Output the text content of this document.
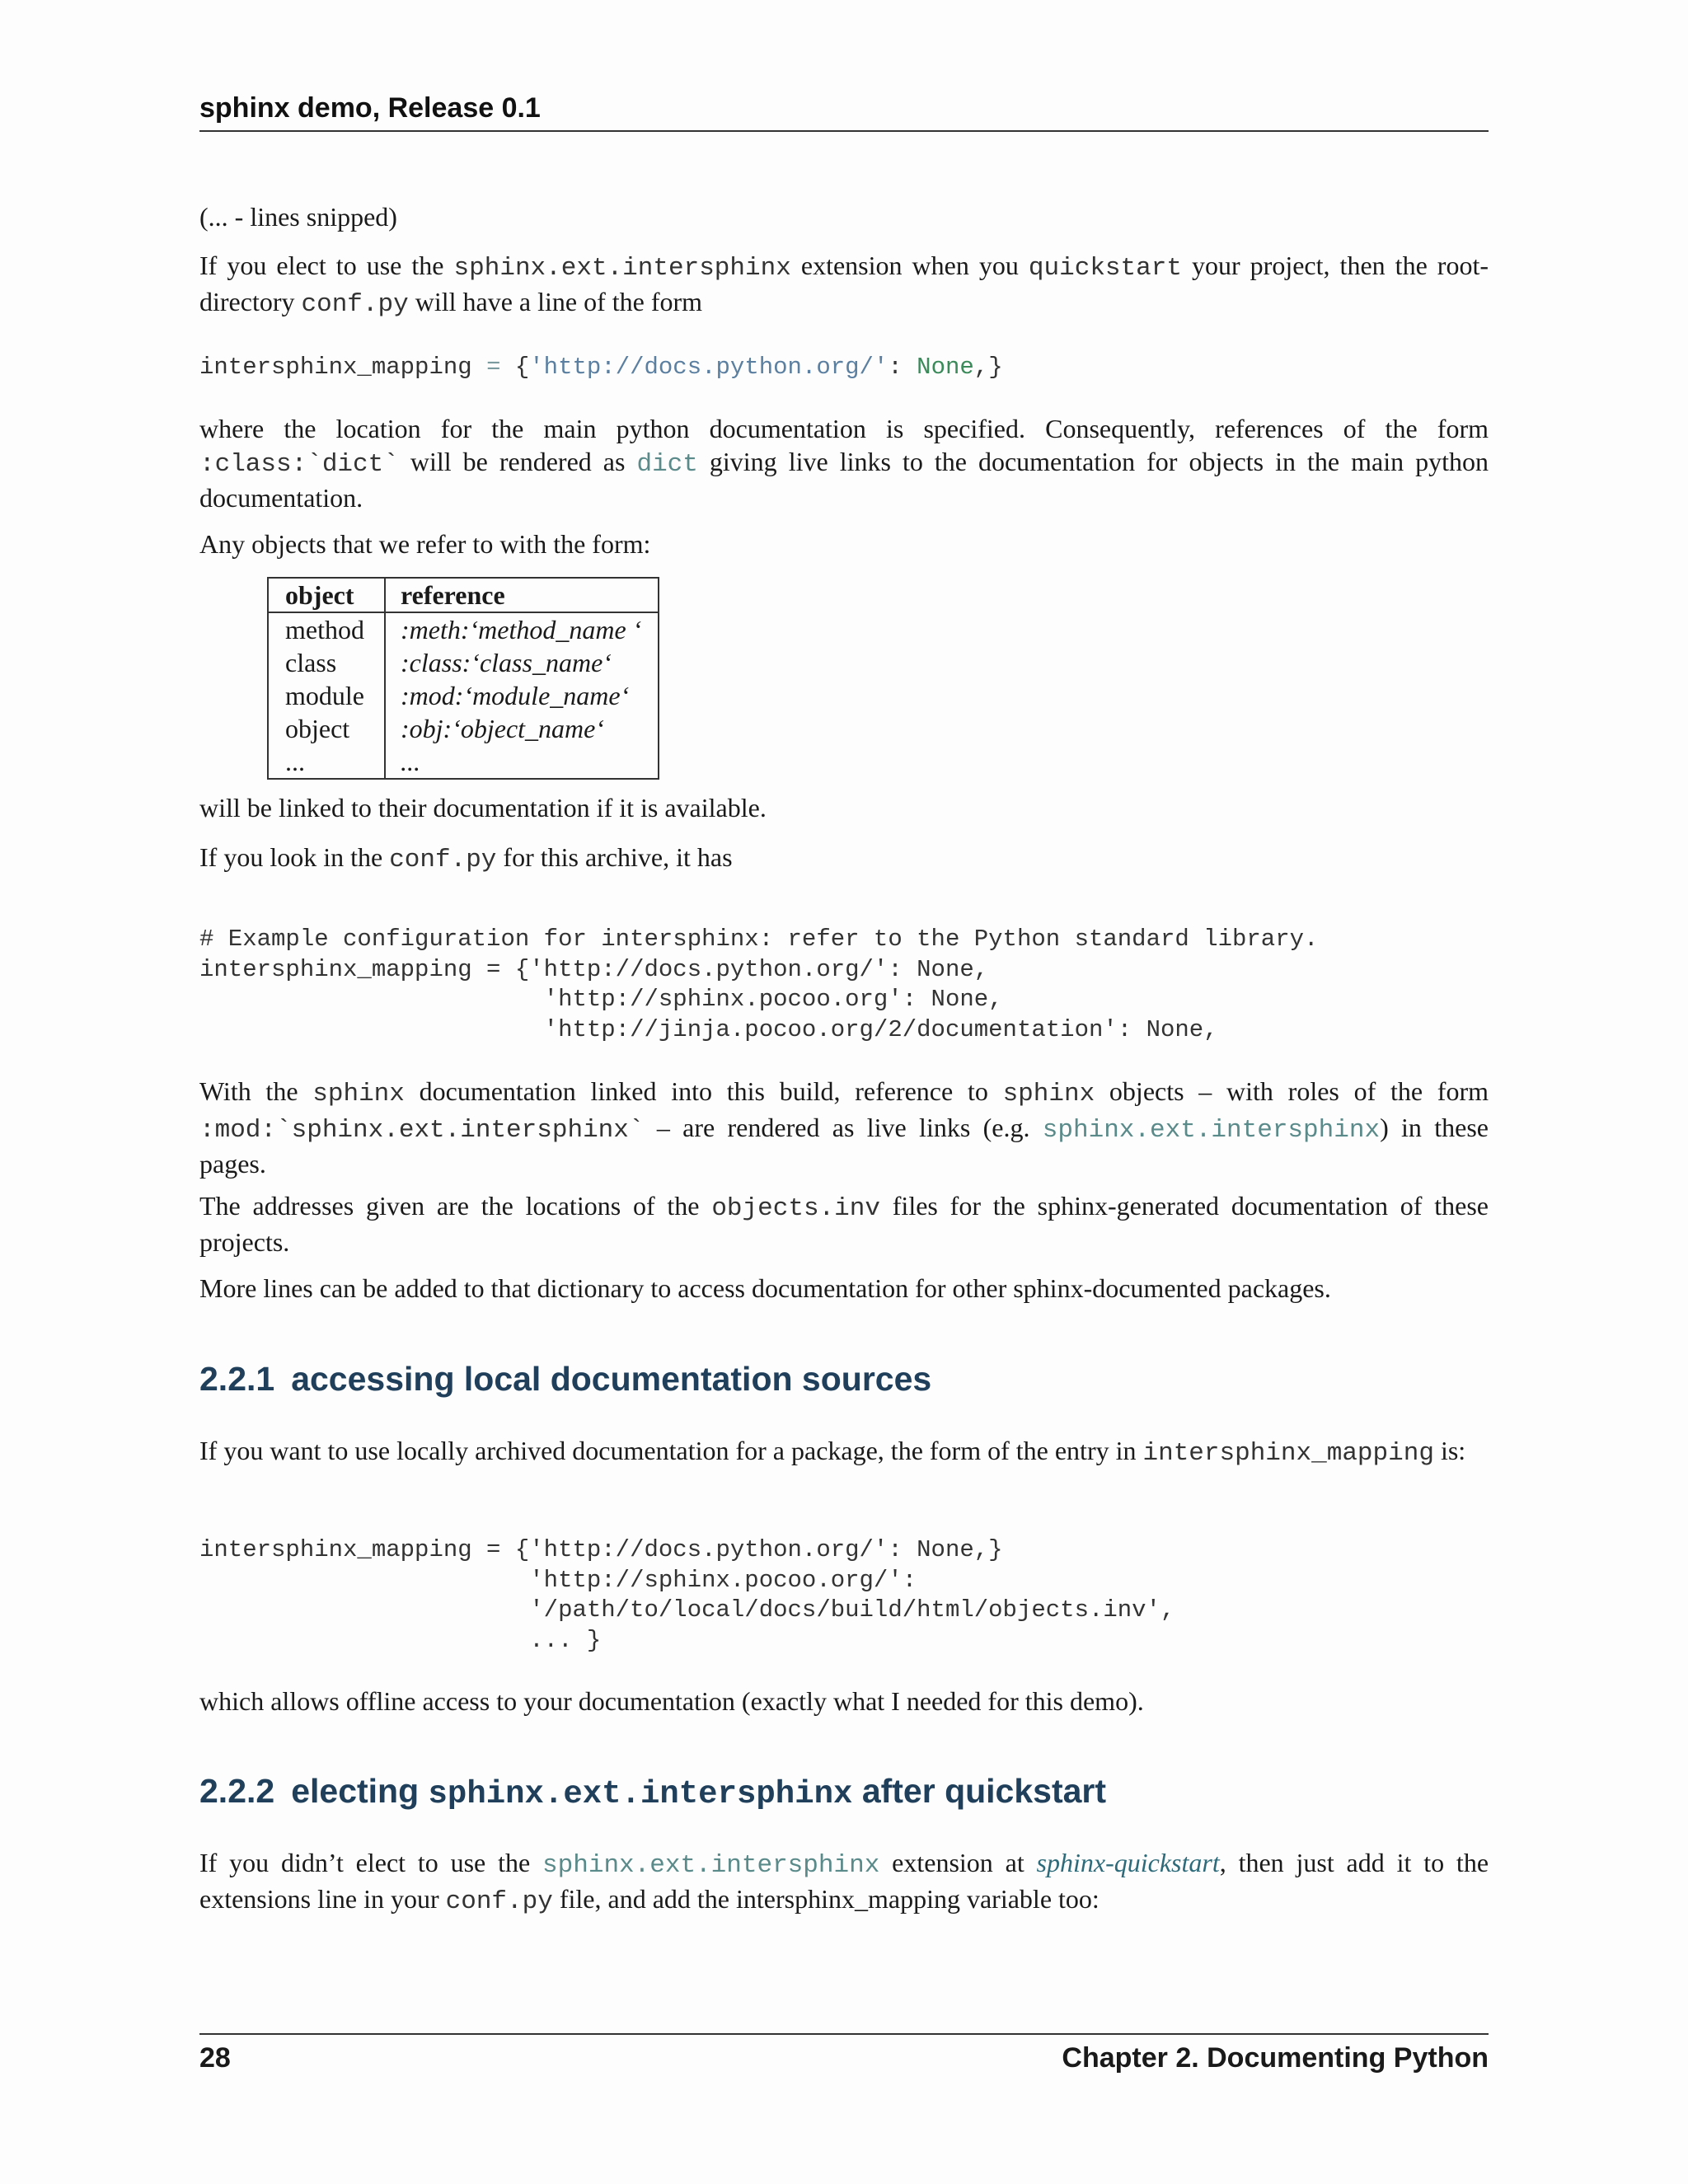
sphinx demo, Release 0.1
(... - lines snipped)
If you elect to use the sphinx.ext.intersphinx extension when you quickstart your project, then the root-directory conf.py will have a line of the form
intersphinx_mapping = {'http://docs.python.org/': None,}
where the location for the main python documentation is specified. Consequently, references of the form :class:`dict` will be rendered as dict giving live links to the documentation for objects in the main python documentation.
Any objects that we refer to with the form:
object	reference
method	:meth:‘method_name ‘
class	:class:‘class_name‘
module	:mod:‘module_name‘
object	:obj:‘object_name‘
...	...
will be linked to their documentation if it is available.
If you look in the conf.py for this archive, it has
# Example configuration for intersphinx: refer to the Python standard library.
intersphinx_mapping = {'http://docs.python.org/': None,
'http://sphinx.pocoo.org': None,
'http://jinja.pocoo.org/2/documentation': None,
With the sphinx documentation linked into this build, reference to sphinx objects – with roles of the form :mod:`sphinx.ext.intersphinx` – are rendered as live links (e.g. sphinx.ext.intersphinx) in these pages.
The addresses given are the locations of the objects.inv files for the sphinx-generated documentation of these projects.
More lines can be added to that dictionary to access documentation for other sphinx-documented packages.
2.2.1 accessing local documentation sources
If you want to use locally archived documentation for a package, the form of the entry in intersphinx_mapping is:
intersphinx_mapping = {'http://docs.python.org/': None,}
'http://sphinx.pocoo.org/':
'/path/to/local/docs/build/html/objects.inv',
... }
which allows offline access to your documentation (exactly what I needed for this demo).
2.2.2 electing sphinx.ext.intersphinx after quickstart
If you didn’t elect to use the sphinx.ext.intersphinx extension at sphinx-quickstart, then just add it to the extensions line in your conf.py file, and add the intersphinx_mapping variable too:
28	Chapter 2. Documenting Python
